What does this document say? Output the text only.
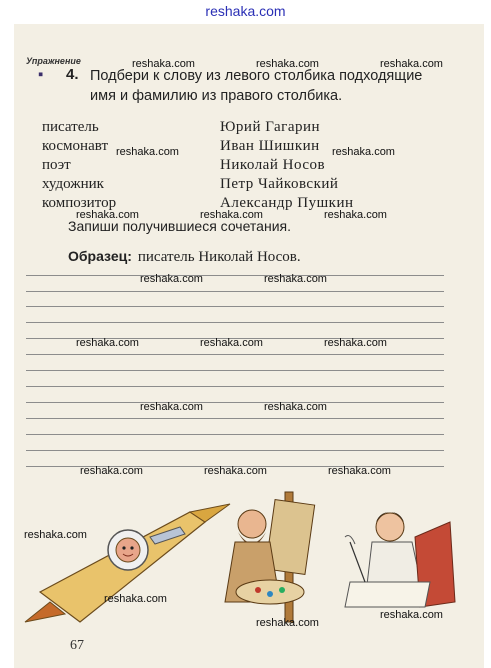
reshaka.com
Упражнение
▪ 4. Подбери к слову из левого столбика подходящие имя и фамилию из правого столбика.
писатель
космонавт
поэт
художник
композитор
Юрий Гагарин
Иван Шишкин
Николай Носов
Петр Чайковский
Александр Пушкин
Запиши получившиеся сочетания.
Образец: писатель Николай Носов.
reshaka.com	reshaka.com	reshaka.com
reshaka.com	reshaka.com
reshaka.com	reshaka.com	reshaka.com
reshaka.com	reshaka.com
reshaka.com	reshaka.com	reshaka.com
reshaka.com	reshaka.com
reshaka.com	reshaka.com	reshaka.com
reshaka.com
reshaka.com
reshaka.com
reshaka.com
67
